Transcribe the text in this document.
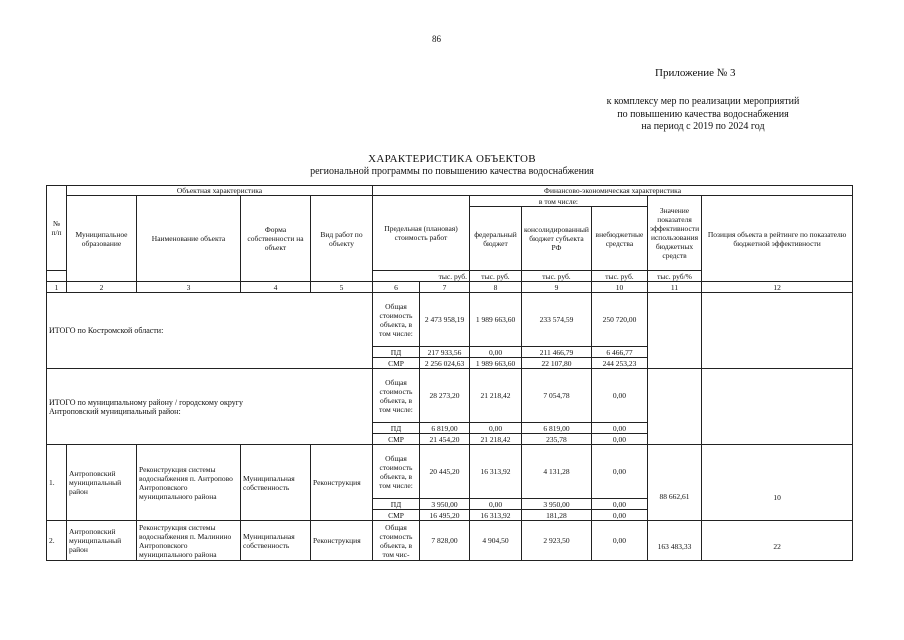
86
Приложение № 3
к комплексу мер по реализации мероприятий
по повышению качества водоснабжения
на период с 2019 по 2024 год
ХАРАКТЕРИСТИКА ОБЪЕКТОВ
региональной программы по повышению качества водоснабжения
№ п/п	Объектная характеристика				Финансово-экономическая характеристика						
	Муниципальное образование	Наименование объекта	Форма собственности на объект	Вид работ по объекту	Предельная (плановая) стоимость работ		в том числе:			Значение показателя эффективности использования бюджетных средств	Позиция объекта в рейтинге по показателю бюджетной эффективности
							федеральный бюджет	консолидированный бюджет субъекта РФ	внебюджетные средства		
					тыс. руб.		тыс. руб.	тыс. руб.	тыс. руб.	тыс. руб/%	
1	2	3	4	5	6	7	8	9	10	11	12
ИТОГО по Костромской области:					Общая стоимость объекта, в том числе:	2 473 958,19	1 989 663,60	233 574,59	250 720,00		
					ПД	217 933,56	0,00	211 466,79	6 466,77		
					СМР	2 256 024,63	1 989 663,60	22 107,80	244 253,23		

ИТОГО по муниципальному району / городскому округу
Антроповский муниципальный район:					Общая стоимость объекта, в том числе:	28 273,20	21 218,42	7 054,78	0,00		
					ПД	6 819,00	0,00	6 819,00	0,00		
					СМР	21 454,20	21 218,42	235,78	0,00		
1.	Антроповский муниципальный район	Реконструкция системы водоснабжения п. Антропово Антроповского муниципального района	Муниципальная собственность	Реконструкция	Общая стоимость объекта, в том числе:	20 445,20	16 313,92	4 131,28	0,00	88 662,61	10
					ПД	3 950,00	0,00	3 950,00	0,00		
					СМР	16 495,20	16 313,92	181,28	0,00		
2.	Антроповский муниципальный район	Реконструкция системы водоснабжения п. Малинино Антроповского муниципального района	Муниципальная собственность	Реконструкция	Общая стоимость объекта, в том чис-	7 828,00	4 904,50	2 923,50	0,00	163 483,33	22
